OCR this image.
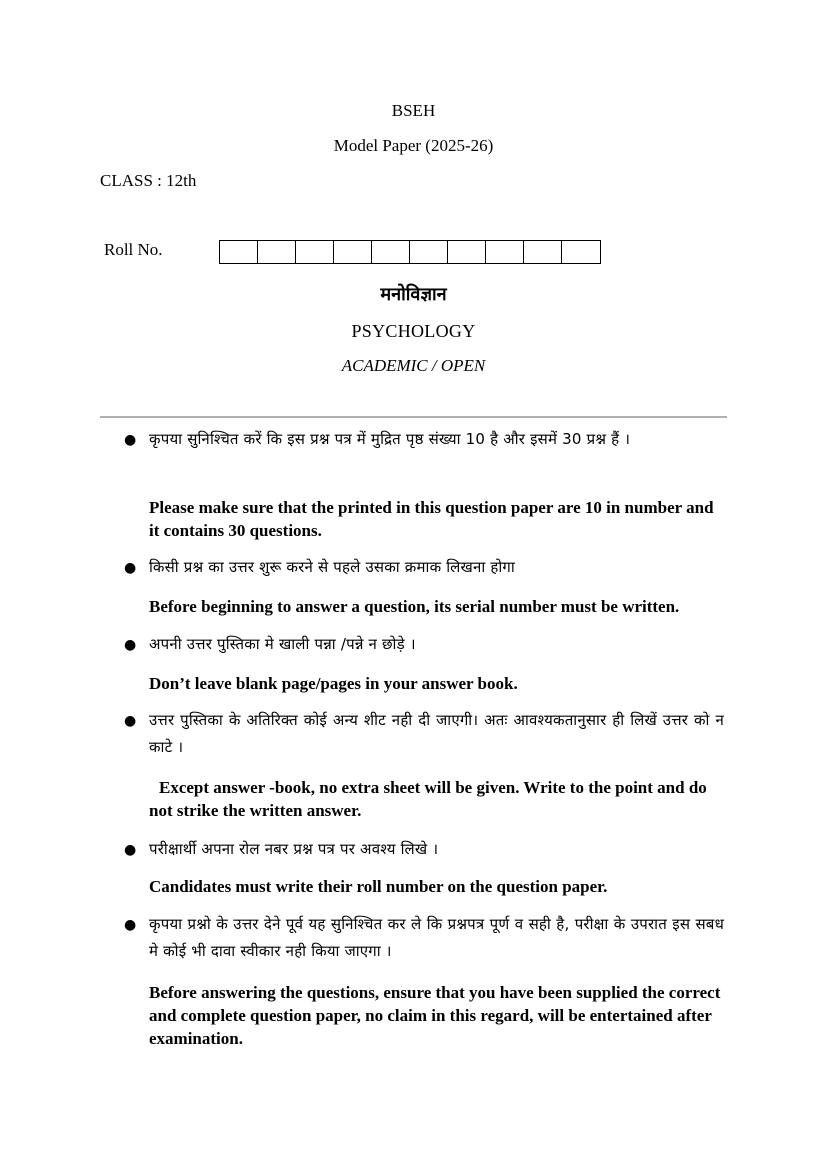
BSEH
Model Paper (2025-26)
CLASS : 12th
Roll No.
मनोविज्ञान
PSYCHOLOGY
ACADEMIC / OPEN
● कृपया सुनिश्चित करें कि इस प्रश्न पत्र में मुद्रित पृष्ठ संख्या 10 है और इसमें 30 प्रश्न हैं ।
Please make sure that the printed in this question paper are 10 in number and it contains 30 questions.
● किसी प्रश्न का उत्तर शुरू करने से पहले उसका क्रमाक लिखना होगा
Before beginning to answer a question, its serial number must be written.
● अपनी उत्तर पुस्तिका मे खाली पन्ना /पन्ने न छोड़े ।
Don’t leave blank page/pages in your answer book.
● उत्तर पुस्तिका के अतिरिक्त कोई अन्य शीट नही दी जाएगी। अतः आवश्यकतानुसार ही लिखें उत्तर को न काटे ।
Except answer -book, no extra sheet will be given. Write to the point and do not strike the written answer.
● परीक्षार्थी अपना रोल नबर प्रश्न पत्र पर अवश्य लिखे ।
Candidates must write their roll number on the question paper.
● कृपया प्रश्नो के उत्तर देने पूर्व यह सुनिश्चित कर ले कि प्रश्नपत्र पूर्ण व सही है, परीक्षा के उपरात इस सबध मे कोई भी दावा स्वीकार नही किया जाएगा ।
Before answering the questions, ensure that you have been supplied the correct and complete question paper, no claim in this regard, will be entertained after examination.
